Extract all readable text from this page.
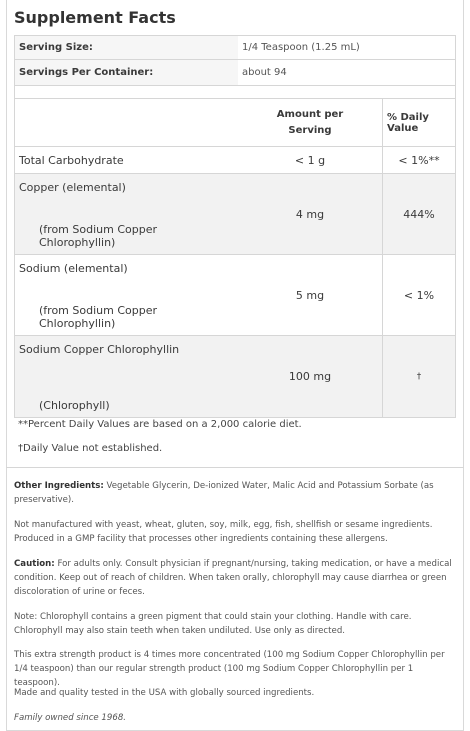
Supplement Facts
Serving Size:	1/4 Teaspoon (1.25 mL)
Servings Per Container:	about 94
Amount per
Serving
% Daily Value
Total Carbohydrate	< 1 g	< 1%**
Copper (elemental)
(from Sodium Copper Chlorophyllin)
4 mg	444%
Sodium (elemental)
(from Sodium Copper Chlorophyllin)
5 mg	< 1%
Sodium Copper Chlorophyllin
(Chlorophyll)
100 mg	†
**Percent Daily Values are based on a 2,000 calorie diet.
†Daily Value not established.
Other Ingredients: Vegetable Glycerin, De-ionized Water, Malic Acid and Potassium Sorbate (as preservative).
Not manufactured with yeast, wheat, gluten, soy, milk, egg, fish, shellfish or sesame ingredients. Produced in a GMP facility that processes other ingredients containing these allergens.
Caution: For adults only. Consult physician if pregnant/nursing, taking medication, or have a medical condition. Keep out of reach of children. When taken orally, chlorophyll may cause diarrhea or green discoloration of urine or feces.
Note: Chlorophyll contains a green pigment that could stain your clothing. Handle with care. Chlorophyll may also stain teeth when taken undiluted. Use only as directed.
This extra strength product is 4 times more concentrated (100 mg Sodium Copper Chlorophyllin per 1/4 teaspoon) than our regular strength product (100 mg Sodium Copper Chlorophyllin per 1 teaspoon).
Made and quality tested in the USA with globally sourced ingredients.
Family owned since 1968.
